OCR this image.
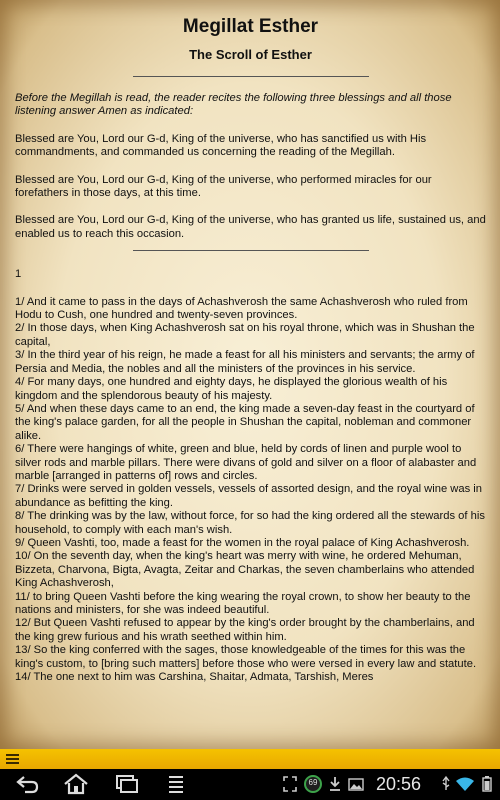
Megillat Esther
The Scroll of Esther

Before the Megillah is read, the reader recites the following three blessings and all those listening answer Amen as indicated:

Blessed are You, Lord our G-d, King of the universe, who has sanctified us with His commandments, and commanded us concerning the reading of the Megillah.

Blessed are You, Lord our G-d, King of the universe, who performed miracles for our forefathers in those days, at this time.

Blessed are You, Lord our G-d, King of the universe, who has granted us life, sustained us, and enabled us to reach this occasion.

1

1/ And it came to pass in the days of Achashverosh the same Achashverosh who ruled from Hodu to Cush, one hundred and twenty-seven provinces.

2/ In those days, when King Achashverosh sat on his royal throne, which was in Shushan the capital,

3/ In the third year of his reign, he made a feast for all his ministers and servants; the army of Persia and Media, the nobles and all the ministers of the provinces in his service.

4/ For many days, one hundred and eighty days, he displayed the glorious wealth of his kingdom and the splendorous beauty of his majesty.

5/ And when these days came to an end, the king made a seven-day feast in the courtyard of the king's palace garden, for all the people in Shushan the capital, nobleman and commoner alike.

6/ There were hangings of white, green and blue, held by cords of linen and purple wool to silver rods and marble pillars. There were divans of gold and silver on a floor of alabaster and marble [arranged in patterns of] rows and circles.

7/ Drinks were served in golden vessels, vessels of assorted design, and the royal wine was in abundance as befitting the king.

8/ The drinking was by the law, without force, for so had the king ordered all the stewards of his household, to comply with each man's wish.

9/ Queen Vashti, too, made a feast for the women in the royal palace of King Achashverosh.

10/ On the seventh day, when the king's heart was merry with wine, he ordered Mehuman, Bizzeta, Charvona, Bigta, Avagta, Zeitar and Charkas, the seven chamberlains who attended King Achashverosh,

11/ to bring Queen Vashti before the king wearing the royal crown, to show her beauty to the nations and ministers, for she was indeed beautiful.

12/ But Queen Vashti refused to appear by the king's order brought by the chamberlains, and the king grew furious and his wrath seethed within him.

13/ So the king conferred with the sages, those knowledgeable of the times for this was the king's custom, to [bring such matters] before those who were versed in every law and statute.

14/ The one next to him was Carshina, Shaitar, Admata, Tarshish, Meres

69	20:56
